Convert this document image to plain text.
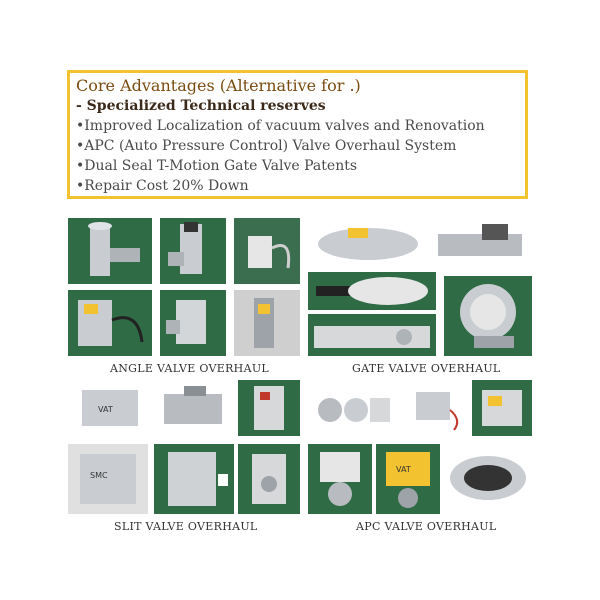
Core Advantages (Alternative for .)

- Specialized Technical reserves

• Improved Localization of vacuum valves and Renovation
• APC (Auto Pressure Control) Valve Overhaul System
• Dual Seal T-Motion Gate Valve Patents
• Repair Cost 20% Down
ANGLE VALVE OVERHAUL	GATE VALVE OVERHAUL
VAT
SMC
SLIT VALVE OVERHAUL
VAT
APC VALVE OVERHAUL
